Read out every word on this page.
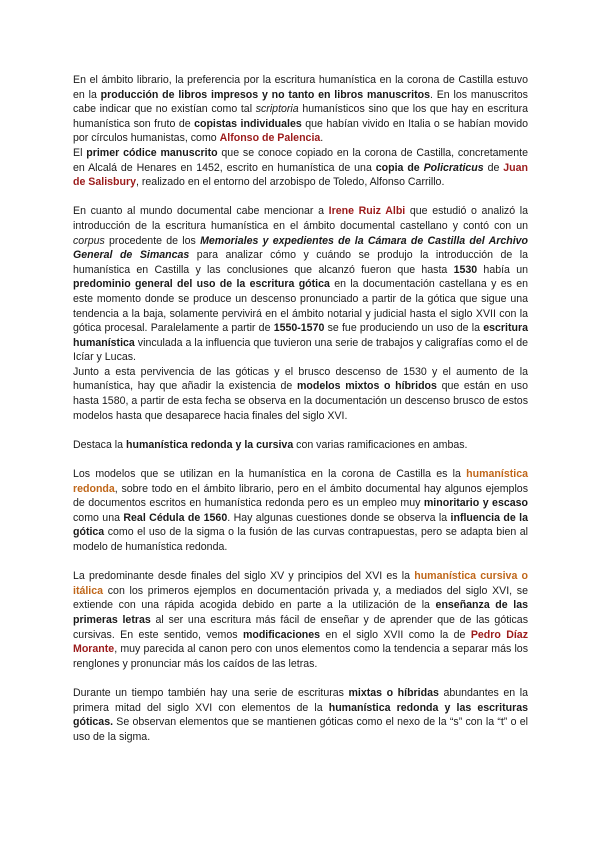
En el ámbito librario, la preferencia por la escritura humanística en la corona de Castilla estuvo en la producción de libros impresos y no tanto en libros manuscritos. En los manuscritos cabe indicar que no existían como tal scriptoria humanísticos sino que los que hay en escritura humanística son fruto de copistas individuales que habían vivido en Italia o se habían movido por círculos humanistas, como Alfonso de Palencia.

El primer códice manuscrito que se conoce copiado en la corona de Castilla, concretamente en Alcalá de Henares en 1452, escrito en humanística de una copia de Policraticus de Juan de Salisbury, realizado en el entorno del arzobispo de Toledo, Alfonso Carrillo.

En cuanto al mundo documental cabe mencionar a Irene Ruiz Albi que estudió o analizó la introducción de la escritura humanística en el ámbito documental castellano y contó con un corpus procedente de los Memoriales y expedientes de la Cámara de Castilla del Archivo General de Simancas para analizar cómo y cuándo se produjo la introducción de la humanística en Castilla y las conclusiones que alcanzó fueron que hasta 1530 había un predominio general del uso de la escritura gótica en la documentación castellana y es en este momento donde se produce un descenso pronunciado a partir de la gótica que sigue una tendencia a la baja, solamente pervivirá en el ámbito notarial y judicial hasta el siglo XVII con la gótica procesal. Paralelamente a partir de 1550-1570 se fue produciendo un uso de la escritura humanística vinculada a la influencia que tuvieron una serie de trabajos y caligrafías como el de Icíar y Lucas.

Junto a esta pervivencia de las góticas y el brusco descenso de 1530 y el aumento de la humanística, hay que añadir la existencia de modelos mixtos o híbridos que están en uso hasta 1580, a partir de esta fecha se observa en la documentación un descenso brusco de estos modelos hasta que desaparece hacia finales del siglo XVI.

Destaca la humanística redonda y la cursiva con varias ramificaciones en ambas.

Los modelos que se utilizan en la humanística en la corona de Castilla es la humanística redonda, sobre todo en el ámbito librario, pero en el ámbito documental hay algunos ejemplos de documentos escritos en humanística redonda pero es un empleo muy minoritario y escaso como una Real Cédula de 1560. Hay algunas cuestiones donde se observa la influencia de la gótica como el uso de la sigma o la fusión de las curvas contrapuestas, pero se adapta bien al modelo de humanística redonda.

La predominante desde finales del siglo XV y principios del XVI es la humanística cursiva o itálica con los primeros ejemplos en documentación privada y, a mediados del siglo XVI, se extiende con una rápida acogida debido en parte a la utilización de la enseñanza de las primeras letras al ser una escritura más fácil de enseñar y de aprender que de las góticas cursivas. En este sentido, vemos modificaciones en el siglo XVII como la de Pedro Díaz Morante, muy parecida al canon pero con unos elementos como la tendencia a separar más los renglones y pronunciar más los caídos de las letras.

Durante un tiempo también hay una serie de escrituras mixtas o híbridas abundantes en la primera mitad del siglo XVI con elementos de la humanística redonda y las escrituras góticas. Se observan elementos que se mantienen góticas como el nexo de la “s” con la “t” o el uso de la sigma.
